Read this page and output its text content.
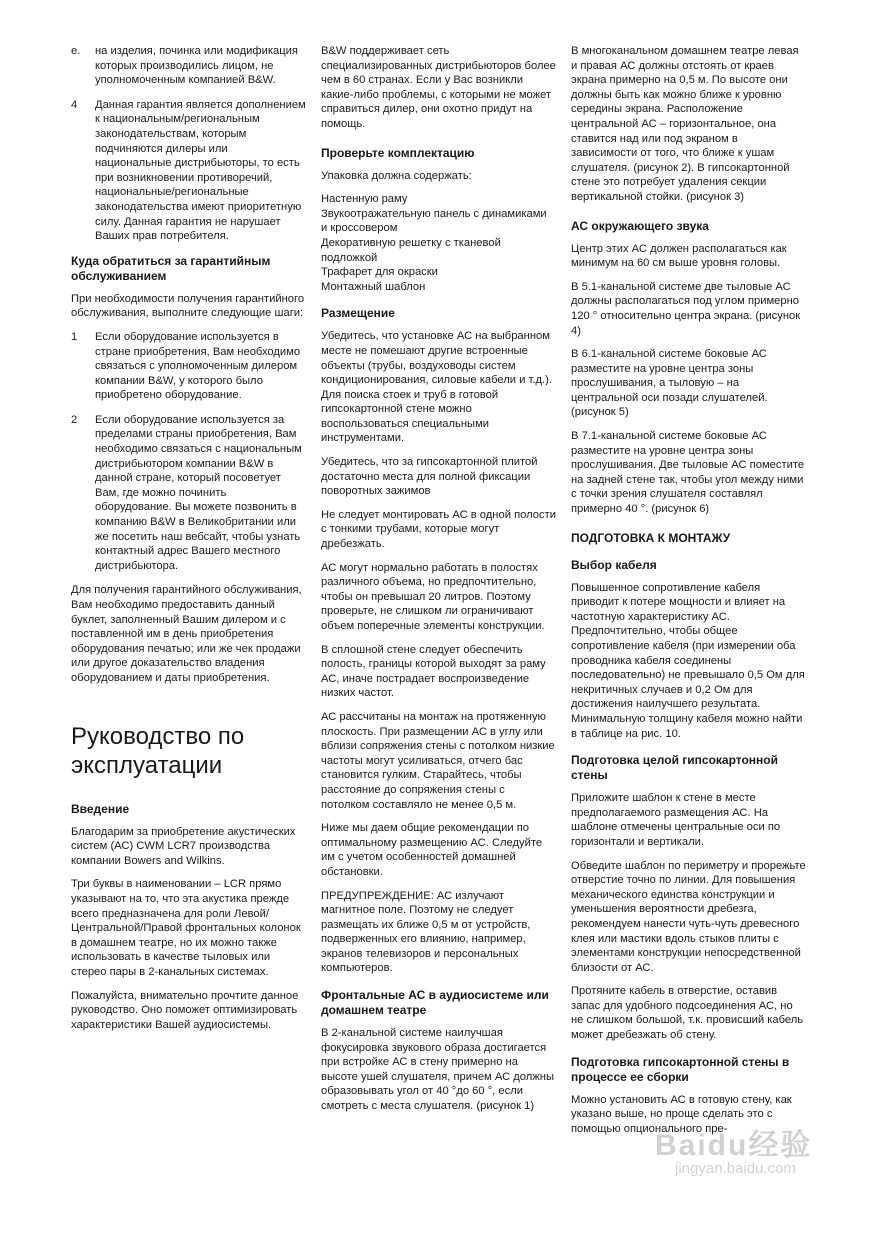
e.	на изделия, починка или модификация которых производились лицом, не уполномоченным компанией B&W.
4	Данная гарантия является дополнением к национальным/региональным законодательствам, которым подчиняются дилеры или национальные дистрибьюторы, то есть при возникновении противоречий, национальные/региональные законодательства имеют приоритетную силу. Данная гарантия не нарушает Ваших прав потребителя.
Куда обратиться за гарантийным обслуживанием

При необходимости получения гарантийного обслуживания, выполните следующие шаги:

1	Если оборудование используется в стране приобретения, Вам необходимо связаться с уполномоченным дилером компании B&W, у которого было приобретено оборудование.
2	Если оборудование используется за пределами страны приобретения, Вам необходимо связаться с национальным дистрибьютором компании B&W в данной стране, который посоветует Вам, где можно починить оборудование. Вы можете позвонить в компанию B&W в Великобритании или же посетить наш вебсайт, чтобы узнать контактный адрес Вашего местного дистрибьютора.

Для получения гарантийного обслуживания, Вам необходимо предоставить данный буклет, заполненный Вашим дилером и с поставленной им в день приобретения оборудования печатью; или же чек продажи или другое доказательство владения оборудованием и даты приобретения.

Руководство по эксплуатации
Введение

Благодарим за приобретение акустических систем (АС) CWM LCR7 производства компании Bowers and Wilkins.

Три буквы в наименовании – LCR прямо указывают на то, что эта акустика прежде всего предназначена для роли Левой/Центральной/Правой фронтальных колонок в домашнем театре, но их можно также использовать в качестве тыловых или стерео пары в 2-канальных системах.

Пожалуйста, внимательно прочтите данное руководство. Оно поможет оптимизировать характеристики Вашей аудиосистемы.

B&W поддерживает сеть специализированных дистрибьюторов более чем в 60 странах. Если у Вас возникли какие-либо проблемы, с которыми не может справиться дилер, они охотно придут на помощь.

Проверьте комплектацию

Упаковка должна содержать:

Настенную раму
Звукоотражательную панель с динамиками и кроссовером
Декоративную решетку с тканевой подложкой
Трафарет для окраски
Монтажный шаблон
Размещение

Убедитесь, что установке АС на выбранном месте не помешают другие встроенные объекты (трубы, воздуховоды систем кондиционирования, силовые кабели и т.д.). Для поиска стоек и труб в готовой гипсокартонной стене можно воспользоваться специальными инструментами.

Убедитесь, что за гипсокартонной плитой достаточно места для полной фиксации поворотных зажимов

Не следует монтировать АС в одной полости с тонкими трубами, которые могут дребезжать.

АС могут нормально работать в полостях различного объема, но предпочтительно, чтобы он превышал 20 литров. Поэтому проверьте, не слишком ли ограничивают объем поперечные элементы конструкции.

В сплошной стене следует обеспечить полость, границы которой выходят за раму АС, иначе пострадает воспроизведение низких частот.

АС рассчитаны на монтаж на протяженную плоскость. При размещении АС в углу или вблизи сопряжения стены с потолком низкие частоты могут усиливаться, отчего бас становится гулким. Старайтесь, чтобы расстояние до сопряжения стены с потолком составляло не менее 0,5 м.

Ниже мы даем общие рекомендации по оптимальному размещению АС. Следуйте им с учетом особенностей домашней обстановки.

ПРЕДУПРЕЖДЕНИЕ: АС излучают магнитное поле. Поэтому не следует размещать их ближе 0,5 м от устройств, подверженных его влиянию, например, экранов телевизоров и персональных компьютеров.

Фронтальные АС в аудиосистеме или домашнем театре

В 2-канальной системе наилучшая фокусировка звукового образа достигается при встройке АС в стену примерно на высоте ушей слушателя, причем АС должны образовывать угол от 40 °до 60 °, если смотреть с места слушателя. (рисунок 1)

В многоканальном домашнем театре левая и правая АС должны отстоять от краев экрана примерно на 0,5 м. По высоте они должны быть как можно ближе к уровню середины экрана. Расположение центральной АС – горизонтальное, она ставится над или под экраном в зависимости от того, что ближе к ушам слушателя. (рисунок 2). В гипсокартонной стене это потребует удаления секции вертикальной стойки. (рисунок 3)

АС окружающего звука

Центр этих АС должен располагаться как минимум на 60 см выше уровня головы.

В 5.1-канальной системе две тыловые АС должны располагаться под углом примерно 120 ° относительно центра экрана. (рисунок 4)

В 6.1-канальной системе боковые АС разместите на уровне центра зоны прослушивания, а тыловую – на центральной оси позади слушателей. (рисунок 5)

В 7.1-канальной системе боковые АС разместите на уровне центра зоны прослушивания. Две тыловые АС поместите на задней стене так, чтобы угол между ними с точки зрения слушателя составлял примерно 40 °. (рисунок 6)

ПОДГОТОВКА К МОНТАЖУ
Выбор кабеля

Повышенное сопротивление кабеля приводит к потере мощности и влияет на частотную характеристику АС. Предпочтительно, чтобы общее сопротивление кабеля (при измерении оба проводника кабеля соединены последовательно) не превышало 0,5 Ом для некритичных случаев и 0,2 Ом для достижения наилучшего результата. Минимальную толщину кабеля можно найти в таблице на рис. 10.

Подготовка целой гипсокартонной стены

Приложите шаблон к стене в месте предполагаемого размещения АС. На шаблоне отмечены центральные оси по горизонтали и вертикали.

Обведите шаблон по периметру и прорежьте отверстие точно по линии. Для повышения механического единства конструкции и уменьшения вероятности дребезга, рекомендуем нанести чуть-чуть древесного клея или мастики вдоль стыков плиты с элементами конструкции непосредственной близости от АС.

Протяните кабель в отверстие, оставив запас для удобного подсоединения АС, но не слишком большой, т.к. провисший кабель может дребезжать об стену.

Подготовка гипсокартонной стены в процессе ее сборки

Можно установить АС в готовую стену, как указано выше, но проще сделать это с помощью опционального пре-

Baidu经验
jingyan.baidu.com
